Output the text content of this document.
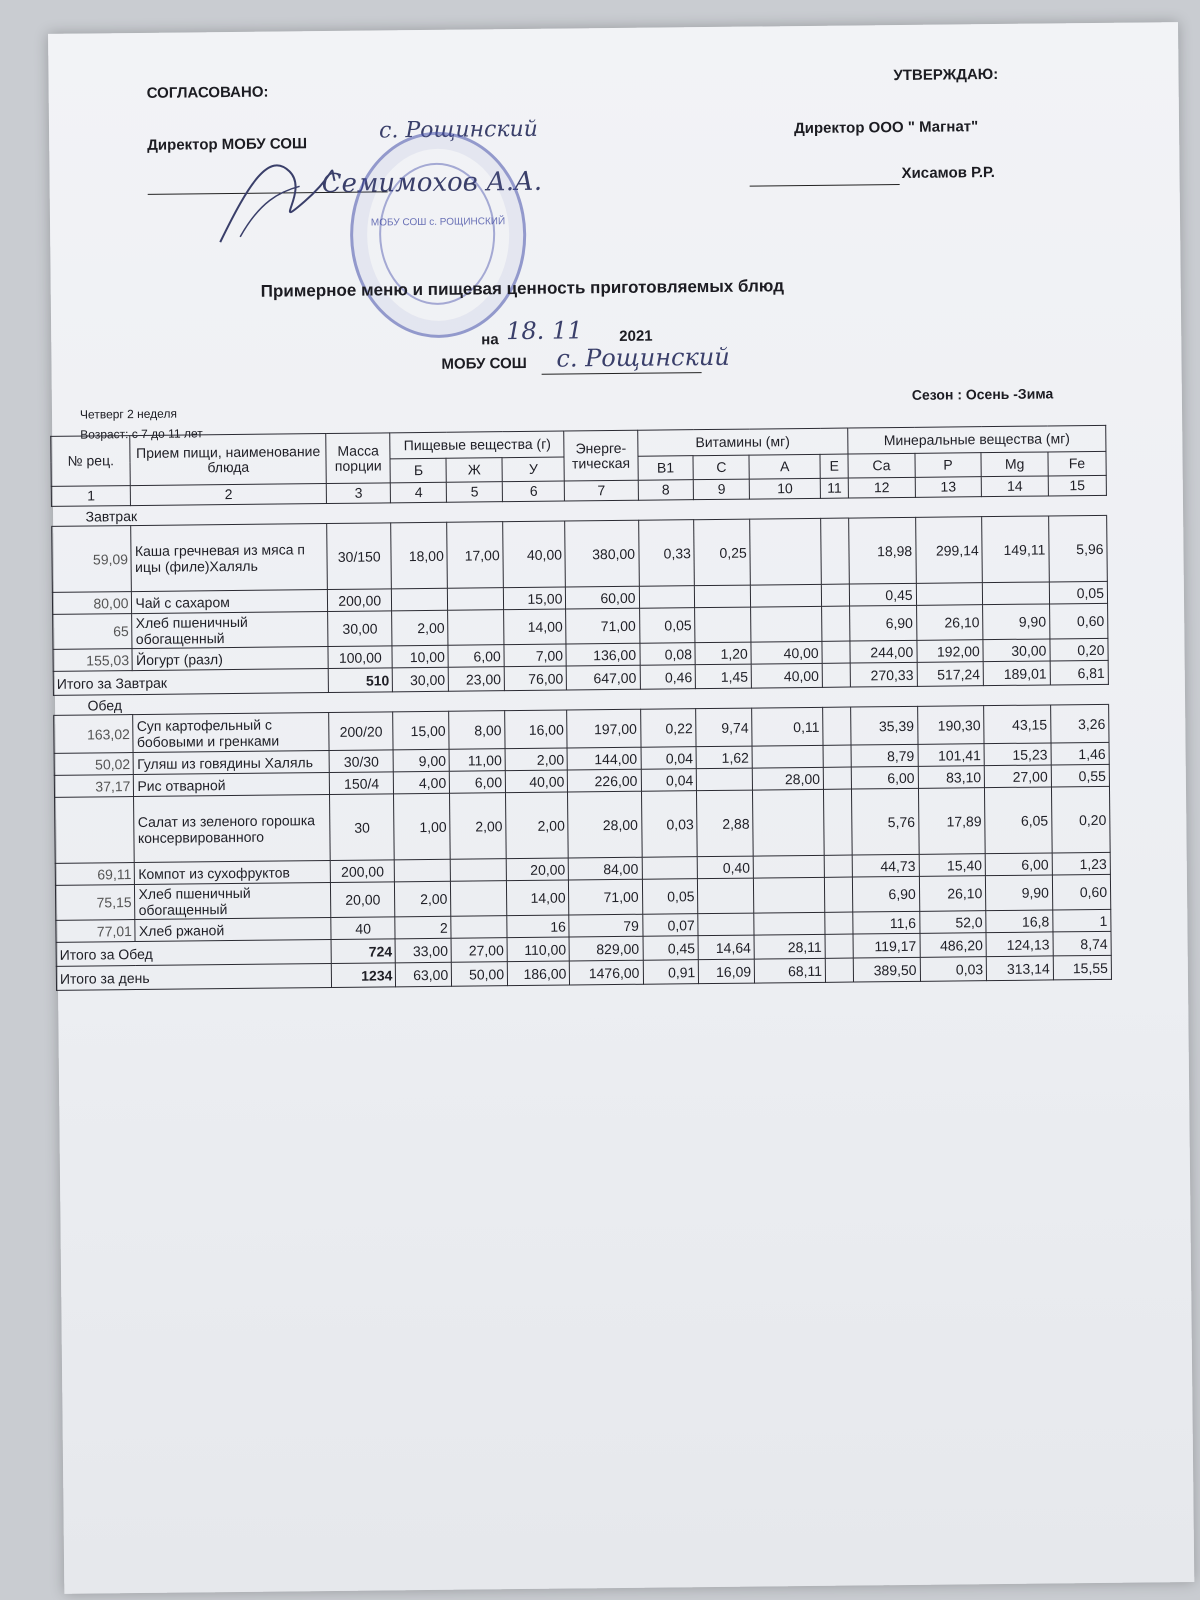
СОГЛАСОВАНО:
Директор МОБУ СОШ
с. Рощинский
Семимохов А.А.
МОБУ СОШ с. РОЩИНСКИЙ
УТВЕРЖДАЮ:
Директор ООО " Магнат"
Хисамов Р.Р.
Примерное меню и пищевая ценность приготовляемых блюд
на 18. 11 2021
МОБУ СОШ с. Рощинский
Четверг 2 неделя
Сезон : Осень -Зима
Возраст: с 7 до 11 лет
№ рец.	Прием пищи, наименование блюда	Масса порции	Пищевые вещества (г)			Энерге-тическая	Витамины (мг)				Минеральные вещества (мг)			
			Б	Ж	У		В1	С	А	Е	Са	Р	Mg	Fe
1	2	3	4	5	6	7	8	9	10	11	12	13	14	15
Завтрак														
59,09	Каша гречневая из мяса п ицы (филе)Халяль	30/150	18,00	17,00	40,00	380,00	0,33	0,25			18,98	299,14	149,11	5,96
80,00	Чай с сахаром	200,00			15,00	60,00					0,45			0,05
65	Хлеб пшеничный обогащенный	30,00	2,00		14,00	71,00	0,05				6,90	26,10	9,90	0,60
155,03	Йогурт (разл)	100,00	10,00	6,00	7,00	136,00	0,08	1,20	40,00		244,00	192,00	30,00	0,20
Итого за Завтрак		510	30,00	23,00	76,00	647,00	0,46	1,45	40,00		270,33	517,24	189,01	6,81
Обед														
163,02	Суп картофельный с бобовыми и гренками	200/20	15,00	8,00	16,00	197,00	0,22	9,74	0,11		35,39	190,30	43,15	3,26
50,02	Гуляш из говядины Халяль	30/30	9,00	11,00	2,00	144,00	0,04	1,62			8,79	101,41	15,23	1,46
37,17	Рис отварной	150/4	4,00	6,00	40,00	226,00	0,04		28,00		6,00	83,10	27,00	0,55
	Салат из зеленого горошка консервированного	30	1,00	2,00	2,00	28,00	0,03	2,88			5,76	17,89	6,05	0,20
69,11	Компот из сухофруктов	200,00			20,00	84,00		0,40			44,73	15,40	6,00	1,23
75,15	Хлеб пшеничный обогащенный	20,00	2,00		14,00	71,00	0,05				6,90	26,10	9,90	0,60
77,01	Хлеб ржаной	40	2		16	79	0,07				11,6	52,0	16,8	1
Итого за Обед		724	33,00	27,00	110,00	829,00	0,45	14,64	28,11		119,17	486,20	124,13	8,74
Итого за день		1234	63,00	50,00	186,00	1476,00	0,91	16,09	68,11		389,50	0,03	313,14	15,55
